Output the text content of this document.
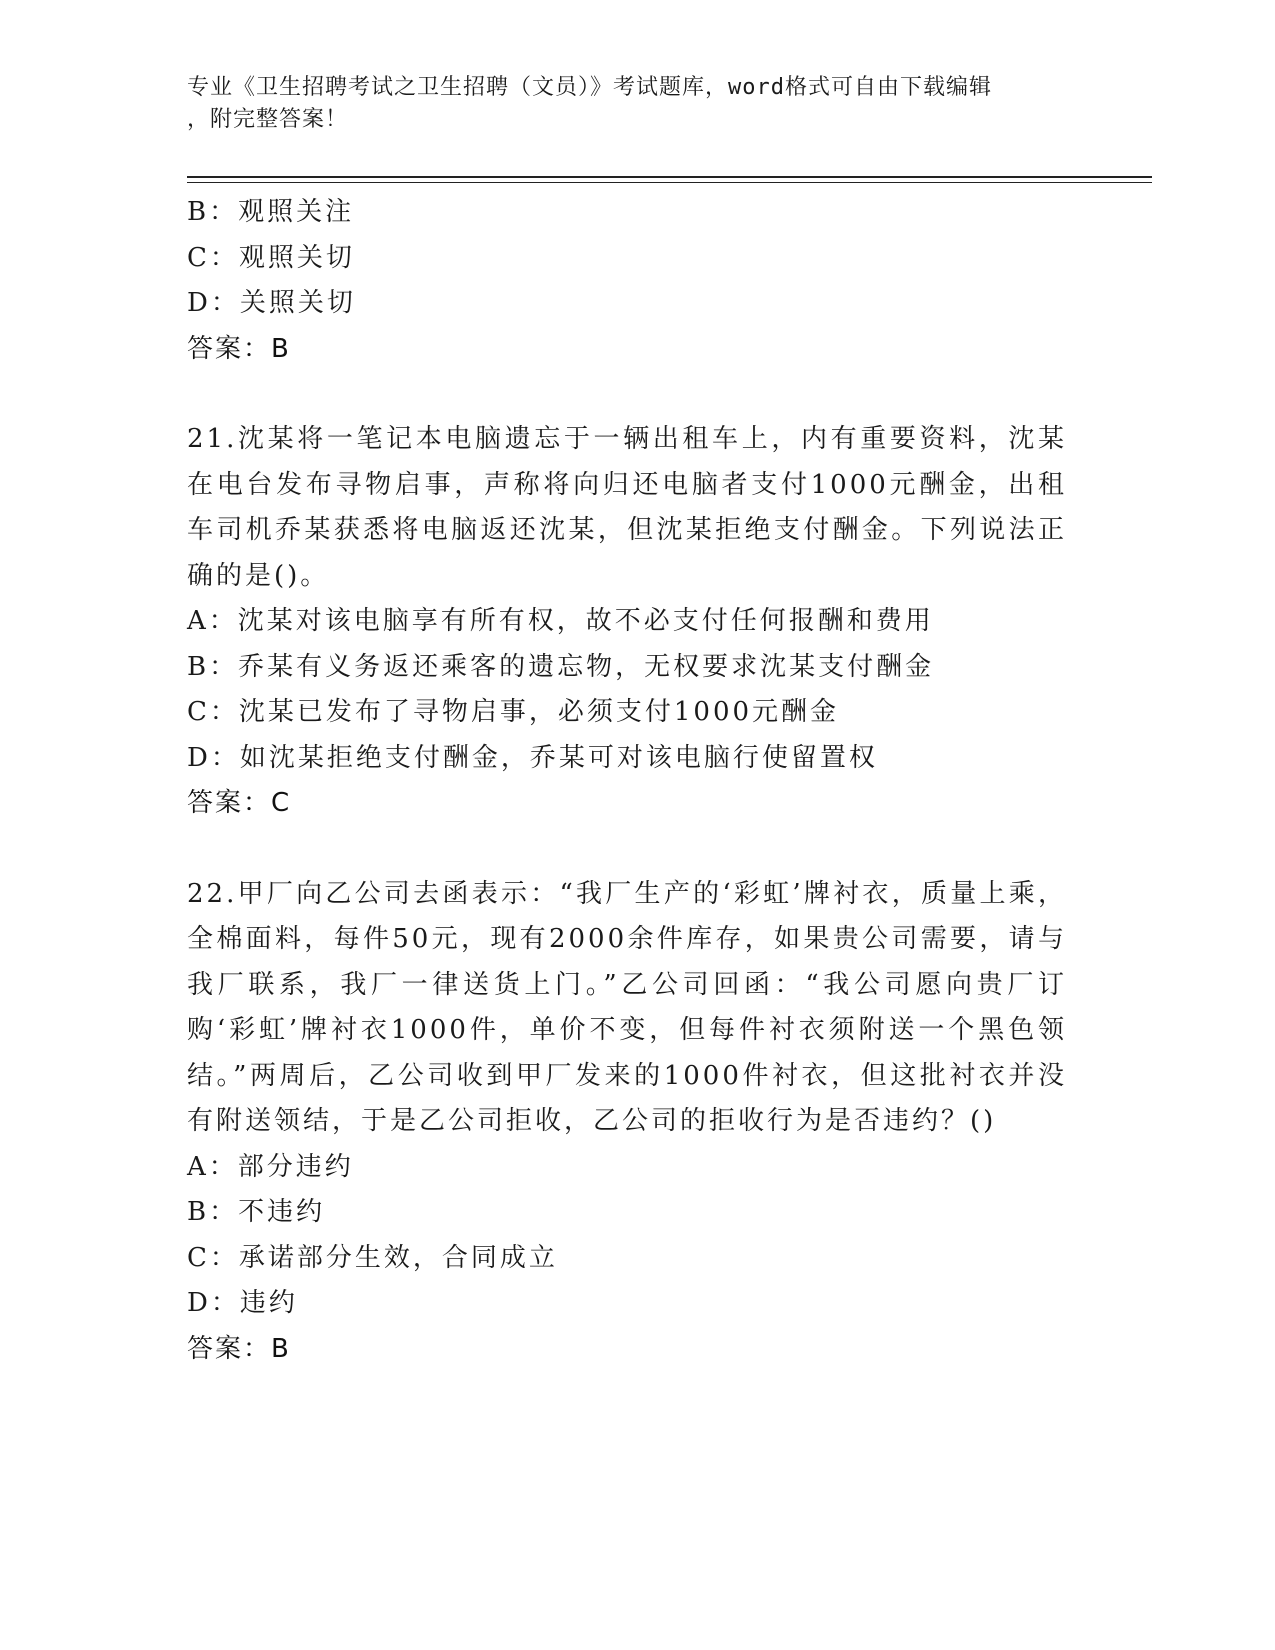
专业《卫生招聘考试之卫生招聘（文员）》考试题库，word格式可自由下载编辑
，附完整答案！
B：观照关注
C：观照关切
D：关照关切
答案：B
21.沈某将一笔记本电脑遗忘于一辆出租车上，内有重要资料，沈某在电台发布寻物启事，声称将向归还电脑者支付1000元酬金，出租车司机乔某获悉将电脑返还沈某，但沈某拒绝支付酬金。下列说法正确的是()。
A：沈某对该电脑享有所有权，故不必支付任何报酬和费用
B：乔某有义务返还乘客的遗忘物，无权要求沈某支付酬金
C：沈某已发布了寻物启事，必须支付1000元酬金
D：如沈某拒绝支付酬金，乔某可对该电脑行使留置权
答案：C
22.甲厂向乙公司去函表示：“我厂生产的‘彩虹’牌衬衣，质量上乘，全棉面料，每件50元，现有2000余件库存，如果贵公司需要，请与我厂联系，我厂一律送货上门。”乙公司回函：“我公司愿向贵厂订购‘彩虹’牌衬衣1000件，单价不变，但每件衬衣须附送一个黑色领结。”两周后，乙公司收到甲厂发来的1000件衬衣，但这批衬衣并没有附送领结，于是乙公司拒收，乙公司的拒收行为是否违约？()
A：部分违约
B：不违约
C：承诺部分生效，合同成立
D：违约
答案：B
